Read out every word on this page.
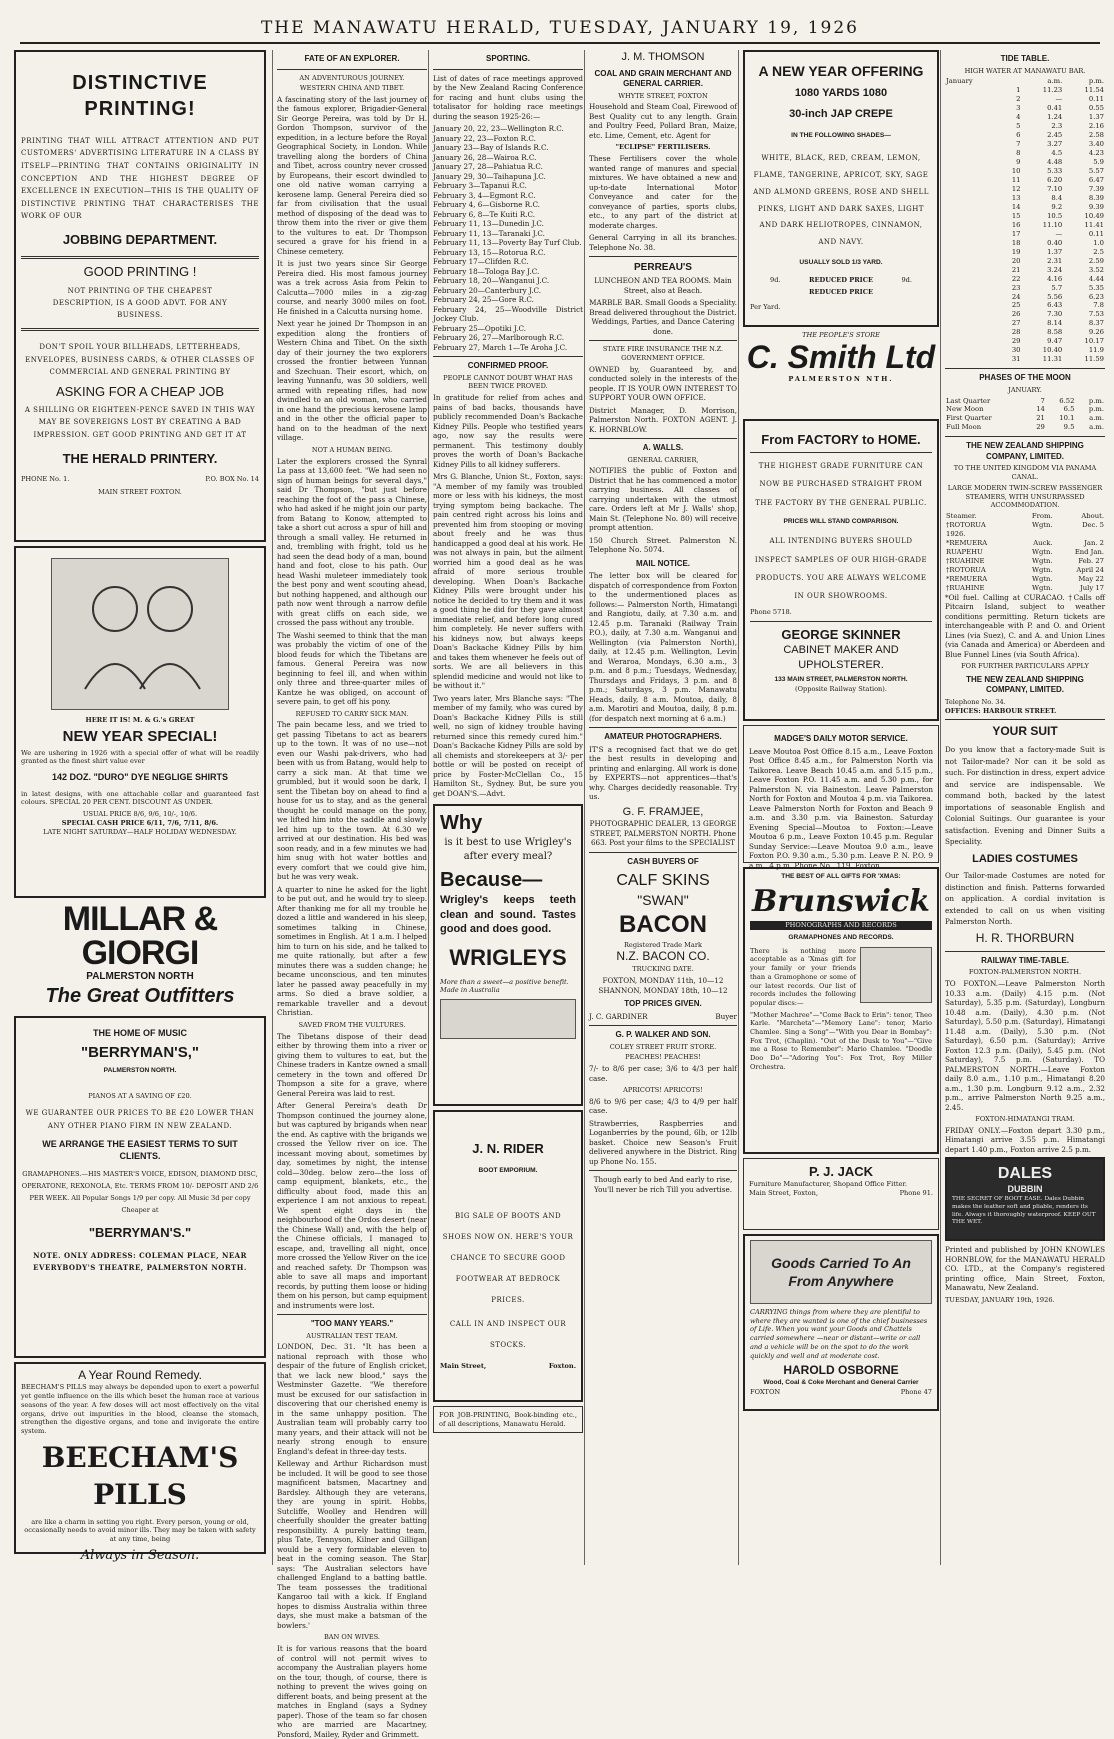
THE MANAWATU HERALD, TUESDAY, JANUARY 19, 1926
DISTINCTIVE PRINTING!

PRINTING THAT WILL ATTRACT ATTENTION AND PUT CUSTOMERS' ADVERTISING LITERATURE IN A CLASS BY ITSELF—PRINTING THAT CONTAINS ORIGINALITY IN CONCEPTION AND THE HIGHEST DEGREE OF EXCELLENCE IN EXECUTION—THIS IS THE QUALITY OF DISTINCTIVE PRINTING THAT CHARACTERISES THE WORK OF OUR

JOBBING DEPARTMENT.
GOOD PRINTING !

NOT PRINTING OF THE CHEAPEST DESCRIPTION, IS A GOOD ADVT. FOR ANY BUSINESS.

DON'T SPOIL YOUR BILLHEADS, LETTERHEADS, ENVELOPES, BUSINESS CARDS, & OTHER CLASSES OF COMMERCIAL AND GENERAL PRINTING BY

ASKING FOR A CHEAP JOB

A SHILLING OR EIGHTEEN-PENCE SAVED IN THIS WAY MAY BE SOVEREIGNS LOST BY CREATING A BAD IMPRESSION. GET GOOD PRINTING AND GET IT AT

THE HERALD PRINTERY.
PHONE No. 1.	P.O. BOX No. 14
MAIN STREET FOXTON.
HERE IT IS! M. & G.'s GREAT
NEW YEAR SPECIAL!

We are ushering in 1926 with a special offer of what will be readily granted as the finest shirt value ever

142 DOZ. "DURO" DYE NEGLIGE SHIRTS

in latest designs, with one attachable collar and guaranteed fast colours. SPECIAL 20 PER CENT. DISCOUNT AS UNDER.

USUAL PRICE 8/6, 9/6, 10/-, 10/6.
SPECIAL CASH PRICE 6/11, 7/6, 7/11, 8/6.
LATE NIGHT SATURDAY—HALF HOLIDAY WEDNESDAY.
MILLAR & GIORGI
PALMERSTON NORTH
The Great Outfitters
THE HOME OF MUSIC
"BERRYMAN'S,"
PALMERSTON NORTH.
PIANOS AT A SAVING OF £20.

WE GUARANTEE OUR PRICES TO BE £20 LOWER THAN ANY OTHER PIANO FIRM IN NEW ZEALAND.

WE ARRANGE THE EASIEST TERMS TO SUIT CLIENTS.

GRAMAPHONES.—HIS MASTER'S VOICE, EDISON, DIAMOND DISC, OPERATONE, REXONOLA, Etc. TERMS FROM 10/- DEPOSIT AND 2/6 PER WEEK. All Popular Songs 1/9 per copy. All Music 3d per copy Cheaper at

"BERRYMAN'S."

NOTE. ONLY ADDRESS: COLEMAN PLACE, NEAR EVERYBODY'S THEATRE, PALMERSTON NORTH.

A Year Round Remedy.

BEECHAM'S PILLS may always be depended upon to exert a powerful yet gentle influence on the ills which beset the human race at various seasons of the year. A few doses will act most effectively on the vital organs, drive out impurities in the blood, cleanse the stomach, strengthen the digestive organs, and tone and invigorate the entire system.

BEECHAM'S PILLS

are like a charm in setting you right. Every person, young or old, occasionally needs to avoid minor ills. They may be taken with safety at any time, being

Always in Season.
FATE OF AN EXPLORER.
AN ADVENTUROUS JOURNEY.
WESTERN CHINA AND TIBET.

A fascinating story of the last journey of the famous explorer, Brigadier-General Sir George Pereira, was told by Dr H. Gordon Thompson, survivor of the expedition, in a lecture before the Royal Geographical Society, in London. While travelling along the borders of China and Tibet, across country never crossed by Europeans, their escort dwindled to one old native woman carrying a kerosene lamp. General Pereira died so far from civilisation that the usual method of disposing of the dead was to throw them into the river or give them to the vultures to eat. Dr Thompson secured a grave for his friend in a Chinese cemetery.

It is just two years since Sir George Pereira died. His most famous journey was a trek across Asia from Pekin to Calcutta—7000 miles in a zig-zag course, and nearly 3000 miles on foot. He finished in a Calcutta nursing home.

Next year he joined Dr Thompson in an expedition along the frontiers of Western China and Tibet. On the sixth day of their journey the two explorers crossed the frontier between Yunnan and Szechuan. Their escort, which, on leaving Yunnanfu, was 30 soldiers, well armed with repeating rifles, had now dwindled to an old woman, who carried in one hand the precious kerosene lamp and in the other the official paper to hand on to the headman of the next village.

NOT A HUMAN BEING.

Later the explorers crossed the Synral La pass at 13,600 feet. "We had seen no sign of human beings for several days," said Dr Thompson, "but just before reaching the foot of the pass a Chinese, who had asked if he might join our party from Batang to Konow, attempted to take a short cut across a spur of hill and through a small valley. He returned in and, trembling with fright, told us he had seen the dead body of a man, bound hand and foot, close to his path. Our head Washi muleteer immediately took the best pony and went scouting ahead, but nothing happened, and although our path now went through a narrow defile with great cliffs on each side, we crossed the pass without any trouble.

The Washi seemed to think that the man was probably the victim of one of the blood feuds for which the Tibetans are famous. General Pereira was now beginning to feel ill, and when within only three and three-quarter miles of Kantze he was obliged, on account of severe pain, to get off his pony.

REFUSED TO CARRY SICK MAN.

The pain became less, and we tried to get passing Tibetans to act as bearers up to the town. It was of no use—not even our Washi pak-drivers, who had been with us from Batang, would help to carry a sick man. At that time we grumbled, but it would soon be dark, I sent the Tibetan boy on ahead to find a house for us to stay, and as the general thought he could manage on the pony, we lifted him into the saddle and slowly led him up to the town. At 6.30 we arrived at our destination. His bed was soon ready, and in a few minutes we had him snug with hot water bottles and every comfort that we could give him, but he was very weak.

A quarter to nine he asked for the light to be put out, and he would try to sleep. After thanking me for all my trouble he dozed a little and wandered in his sleep, sometimes talking in Chinese, sometimes in English. At 1 a.m. I helped him to turn on his side, and he talked to me quite rationally, but after a few minutes there was a sudden change; he became unconscious, and ten minutes later he passed away peacefully in my arms. So died a brave soldier, a remarkable traveller and a devout Christian.

SAVED FROM THE VULTURES.

The Tibetans dispose of their dead either by throwing them into a river or giving them to vultures to eat, but the Chinese traders in Kantze owned a small cemetery in the town and offered Dr Thompson a site for a grave, where General Pereira was laid to rest.

After General Pereira's death Dr Thompson continued the journey alone, but was captured by brigands when near the end. As captive with the brigands we crossed the Yellow river on ice. The incessant moving about, sometimes by day, sometimes by night, the intense cold—30deg. below zero—the loss of camp equipment, blankets, etc., the difficulty about food, made this an experience I am not anxious to repeat. We spent eight days in the neighbourhood of the Ordos desert (near the Chinese Wall) and, with the help of the Chinese officials, I managed to escape, and, travelling all night, once more crossed the Yellow River on the ice and reached safety. Dr Thompson was able to save all maps and important records, by putting them loose or hiding them on his person, but camp equipment and instruments were lost.

"TOO MANY YEARS."
AUSTRALIAN TEST TEAM.

LONDON, Dec. 31. "It has been a national reproach with those who despair of the future of English cricket, that we lack new blood," says the Westminster Gazette. "We therefore must be excused for our satisfaction in discovering that our cherished enemy is in the same unhappy position. The Australian team will probably carry too many years, and their attack will not be nearly strong enough to ensure England's defeat in three-day tests.

Kelleway and Arthur Richardson must be included. It will be good to see those magnificent batsmen, Macartney and Bardsley. Although they are veterans, they are young in spirit. Hobbs, Sutcliffe, Woolley and Hendren will cheerfully shoulder the greater batting responsibility. A purely batting team, plus Tate, Tennyson, Kilner and Gilligan would be a very formidable eleven to beat in the coming season. The Star says: 'The Australian selectors have challenged England to a batting battle. The team possesses the traditional Kangaroo tail with a kick. If England hopes to dismiss Australia within three days, she must make a batsman of the bowlers.'

BAN ON WIVES.

It is for various reasons that the board of control will not permit wives to accompany the Australian players home on the tour, though, of course, there is nothing to prevent the wives going on different boats, and being present at the matches in England (says a Sydney paper). Those of the team so far chosen who are married are Macartney, Ponsford, Mailey, Ryder and Grimmett.

SPORTING.

List of dates of race meetings approved by the New Zealand Racing Conference for racing and hunt clubs using the totalisator for holding race meetings during the season 1925-26:—

January 20, 22, 23—Wellington R.C.
January 22, 23—Foxton R.C.
January 23—Bay of Islands R.C.
January 26, 28—Wairoa R.C.
January 27, 28—Pahiatua R.C.
January 29, 30—Taihapuna J.C.
February 3—Tapanui R.C.
February 3, 4—Egmont R.C.
February 4, 6—Gisborne R.C.
February 6, 8—Te Kuiti R.C.
February 11, 13—Dunedin J.C.
February 11, 13—Taranaki J.C.
February 11, 13—Poverty Bay Turf Club.
February 13, 15—Rotorua R.C.
February 17—Clifden R.C.
February 18—Tologa Bay J.C.
February 18, 20—Wanganui J.C.
February 20—Canterbury J.C.
February 24, 25—Gore R.C.
February 24, 25—Woodville District Jockey Club.
February 25—Opotiki J.C.
February 26, 27—Marlborough R.C.
February 27, March 1—Te Aroha J.C.
CONFIRMED PROOF.
PEOPLE CANNOT DOUBT WHAT HAS BEEN TWICE PROVED.

In gratitude for relief from aches and pains of bad backs, thousands have publicly recommended Doan's Backache Kidney Pills. People who testified years ago, now say the results were permanent. This testimony doubly proves the worth of Doan's Backache Kidney Pills to all kidney sufferers.

Mrs G. Blanche, Union St., Foxton, says: "A member of my family was troubled more or less with his kidneys, the most trying symptom being backache. The pain centred right across his loins and prevented him from stooping or moving about freely and he was thus handicapped a good deal at his work. He was not always in pain, but the ailment worried him a good deal as he was afraid of more serious trouble developing. When Doan's Backache Kidney Pills were brought under his notice he decided to try them and it was a good thing he did for they gave almost immediate relief, and before long cured him completely. He never suffers with his kidneys now, but always keeps Doan's Backache Kidney Pills by him and takes them whenever he feels out of sorts. We are all believers in this splendid medicine and would not like to be without it."

Two years later, Mrs Blanche says: "The member of my family, who was cured by Doan's Backache Kidney Pills is still well, no sign of kidney trouble having returned since this remedy cured him." Doan's Backache Kidney Pills are sold by all chemists and storekeepers at 3/- per bottle or will be posted on receipt of price by Foster-McClellan Co., 15 Hamilton St., Sydney. But, be sure you get DOAN'S.—Advt.

Why
is it best to use Wrigley's after every meal?
Because—
Wrigley's keeps teeth clean and sound. Tastes good and does good.
WRIGLEYS
More than a sweet—a positive benefit.
Made in Australia
J. N. RIDER
BOOT EMPORIUM.

BIG SALE OF BOOTS AND SHOES NOW ON. HERE'S YOUR CHANCE TO SECURE GOOD FOOTWEAR AT BEDROCK PRICES.

CALL IN AND INSPECT OUR STOCKS.

Main Street,	Foxton.
FOR JOB-PRINTING, Book-binding etc., of all descriptions, Manawatu Herald.
J. M. THOMSON
COAL AND GRAIN MERCHANT AND GENERAL CARRIER.
WHYTE STREET, FOXTON

Household and Steam Coal, Firewood of Best Quality cut to any length. Grain and Poultry Feed, Pollard Bran, Maize, etc. Lime, Cement, etc. Agent for

"ECLIPSE" FERTILISERS.

These Fertilisers cover the whole wanted range of manures and special mixtures. We have obtained a new and up-to-date International Motor Conveyance and cater for the conveyance of parties, sports clubs, etc., to any part of the district at moderate charges.

General Carrying in all its branches. Telephone No. 38.

PERREAU'S

LUNCHEON AND TEA ROOMS. Main Street, also at Beach.

MARBLE BAR. Small Goods a Speciality. Bread delivered throughout the District. Weddings, Parties, and Dance Catering done.

STATE FIRE INSURANCE THE N.Z. GOVERNMENT OFFICE.

OWNED by, Guaranteed by, and conducted solely in the interests of the people. IT IS YOUR OWN INTEREST TO SUPPORT YOUR OWN OFFICE.

District Manager, D. Morrison, Palmerston North. FOXTON AGENT. J. K. HORNBLOW.

A. WALLS.
GENERAL CARRIER,

NOTIFIES the public of Foxton and District that he has commenced a motor carrying business. All classes of carrying undertaken with the utmost care. Orders left at Mr J. Walls' shop, Main St. (Telephone No. 80) will receive prompt attention.

150 Church Street. Palmerston N. Telephone No. 5074.

MAIL NOTICE.

The letter box will be cleared for dispatch of correspondence from Foxton to the undermentioned places as follows:— Palmerston North, Himatangi and Rangiotu, daily, at 7.30 a.m. and 12.45 p.m. Taranaki (Railway Train P.O.), daily, at 7.30 a.m. Wanganui and Wellington (via Palmerston North), daily, at 12.45 p.m. Wellington, Levin and Weraroa, Mondays, 6.30 a.m., 3 p.m. and 8 p.m.; Tuesdays, Wednesday, Thursdays and Fridays, 3 p.m. and 8 p.m.; Saturdays, 3 p.m. Manawatu Heads, daily, 8 a.m. Moutoa, daily, 8 a.m. Marotiri and Moutoa, daily, 8 p.m. (for despatch next morning at 6 a.m.)

AMATEUR PHOTOGRAPHERS.

IT'S a recognised fact that we do get the best results in developing and printing and enlarging. All work is done by EXPERTS—not apprentices—that's why. Charges decidedly reasonable. Try us.

G. F. FRAMJEE,

PHOTOGRAPHIC DEALER, 13 GEORGE STREET, PALMERSTON NORTH. Phone 663. Post your films to the SPECIALIST

CASH BUYERS OF
CALF SKINS
"SWAN"
BACON
Registered Trade Mark
N.Z. BACON CO.
TRUCKING DATE.

FOXTON, MONDAY 11th, 10—12 SHANNON, MONDAY 18th, 10—12

TOP PRICES GIVEN.
J. C. GARDINER	Buyer
G. P. WALKER AND SON.
COLEY STREET FRUIT STORE.
PEACHES! PEACHES!

7/- to 8/6 per case; 3/6 to 4/3 per half case.

APRICOTS! APRICOTS!

8/6 to 9/6 per case; 4/3 to 4/9 per half case.

Strawberries, Raspberries and Loganberries by the pound, 6lb, or 12lb basket. Choice new Season's Fruit delivered anywhere in the District. Ring up Phone No. 155.

Though early to bed And early to rise, You'll never be rich Till you advertise.

A NEW YEAR OFFERING
1080 YARDS 1080
30-inch JAP CREPE
IN THE FOLLOWING SHADES—

WHITE, BLACK, RED, CREAM, LEMON, FLAME, TANGERINE, APRICOT, SKY, SAGE AND ALMOND GREENS, ROSE AND SHELL PINKS, LIGHT AND DARK SAXES, LIGHT AND DARK HELIOTROPES, CINNAMON, AND NAVY.

USUALLY SOLD 1/3 YARD.
9d.	REDUCED PRICE	9d.
REDUCED PRICE
Per Yard.
THE PEOPLE'S STORE
C. Smith Ltd
PALMERSTON NTH.
From FACTORY to HOME.

THE HIGHEST GRADE FURNITURE CAN NOW BE PURCHASED STRAIGHT FROM THE FACTORY BY THE GENERAL PUBLIC.

PRICES WILL STAND COMPARISON.

ALL INTENDING BUYERS SHOULD INSPECT SAMPLES OF OUR HIGH-GRADE PRODUCTS. YOU ARE ALWAYS WELCOME IN OUR SHOWROOMS.

Phone 5718.
GEORGE SKINNER
CABINET MAKER AND UPHOLSTERER.
133 MAIN STREET, PALMERSTON NORTH.
(Opposite Railway Station).
MADGE'S DAILY MOTOR SERVICE.

Leave Moutoa Post Office 8.15 a.m., Leave Foxton Post Office 8.45 a.m., for Palmerston North via Taikorea. Leave Beach 10.45 a.m. and 5.15 p.m., Leave Foxton P.O. 11.45 a.m. and 5.30 p.m., for Palmerston N. via Baineston. Leave Palmerston North for Foxton and Moutoa 4 p.m. via Taikorea. Leave Palmerston North for Foxton and Beach 9 a.m. and 3.30 p.m. via Baineston. Saturday Evening Special—Moutoa to Foxton:—Leave Moutoa 6 p.m., Leave Foxton 10.45 p.m. Regular Sunday Service:—Leave Moutoa 9.0 a.m., leave Foxton P.O. 9.30 a.m., 5.30 p.m. Leave P. N. P.O. 9 a.m., 4 p.m. Phone No., 119, Foxton.

THE BEST OF ALL GIFTS FOR 'XMAS:
Brunswick
PHONOGRAPHS AND RECORDS
GRAMAPHONES AND RECORDS.

There is nothing more acceptable as a 'Xmas gift for your family or your friends than a Gramophone or some of our latest records. Our list of records includes the following popular discs:—

"Mother Machree"—"Come Back to Erin": tenor, Theo Karle. "Marcheta"—"Memory Lane": tenor, Mario Chamlee. Sing a Song"—"With you Dear in Bombay": Fox Trot, (Chaplin). "Out of the Dusk to You"—"Give me a Rose to Remember": Mario Chamlee. "Doodle Doo Do"—"Adoring You": Fox Trot, Roy Miller Orchestra.

P. J. JACK
Furniture Manufacturer, Shopand Office Fitter.
Main Street, Foxton,	Phone 91.
Goods Carried To An
From Anywhere

CARRYING things from where they are plentiful to where they are wanted is one of the chief businesses of Life. When you want your Goods and Chattels carried somewhere —near or distant—write or call and a vehicle will be on the spot to do the work quickly and well and at moderate cost.

HAROLD OSBORNE
Wood, Coal & Coke Merchant and General Carrier
FOXTON	Phone 47
TIDE TABLE.
HIGH WATER AT MANAWATU BAR.
January		a.m.	p.m.
	1	11.23	11.54
	2	—	0.11
	3	0.41	0.55
	4	1.24	1.37
	5	2.3	2.16
	6	2.45	2.58
	7	3.27	3.40
	8	4.5	4.23
	9	4.48	5.9
	10	5.33	5.57
	11	6.20	6.47
	12	7.10	7.39
	13	8.4	8.39
	14	9.2	9.39
	15	10.5	10.49
	16	11.10	11.41
	17	—	0.11
	18	0.40	1.0
	19	1.37	2.5
	20	2.31	2.59
	21	3.24	3.52
	22	4.16	4.44
	23	5.7	5.35
	24	5.56	6.23
	25	6.43	7.8
	26	7.30	7.53
	27	8.14	8.37
	28	8.58	9.26
	29	9.47	10.17
	30	10.40	11.9
	31	11.31	11.59
PHASES OF THE MOON
JANUARY.
Last Quarter	7	6.52	p.m.
New Moon	14	6.5	p.m.
First Quarter	21	10.1	a.m.
Full Moon	29	9.5	a.m.
THE NEW ZEALAND SHIPPING COMPANY, LIMITED.
TO THE UNITED KINGDOM VIA PANAMA CANAL.
LARGE MODERN TWIN-SCREW PASSENGER STEAMERS, WITH UNSURPASSED ACCOMMODATION.
Steamer.	From.	About.
†ROTORUA	Wgtn.	Dec. 5
1926.		
*REMUERA	Auck.	Jan. 2
RUAPEHU	Wgtn.	End Jan.
†RUAHINE	Wgtn.	Feb. 27
†ROTORUA	Wgtn.	April 24
*REMUERA	Wgtn.	May 22
†RUAHINE	Wgtn.	July 17

*Oil fuel. Calling at CURACAO. †Calls off Pitcairn Island, subject to weather conditions permitting. Return tickets are interchangeable with P. and O. and Orient Lines (via Suez), C. and A. and Union Lines (via Canada and America) or Aberdeen and Blue Funnel Lines (via South Africa).

FOR FURTHER PARTICULARS APPLY
THE NEW ZEALAND SHIPPING COMPANY, LIMITED.
Telephone No. 34.
OFFICES: HARBOUR STREET.
YOUR SUIT

Do you know that a factory-made Suit is not Tailor-made? Nor can it be sold as such. For distinction in dress, expert advice and service are indispensable. We command both, backed by the latest importations of seasonable English and Colonial Suitings. Our guarantee is your satisfaction. Evening and Dinner Suits a Speciality.

LADIES COSTUMES

Our Tailor-made Costumes are noted for distinction and finish. Patterns forwarded on application. A cordial invitation is extended to call on us when visiting Palmerston North.

H. R. THORBURN
RAILWAY TIME-TABLE.
FOXTON-PALMERSTON NORTH.

TO FOXTON.—Leave Palmerston North 10.33 a.m. (Daily) 4.15 p.m. (Not Saturday), 5.35 p.m. (Saturday), Longburn 10.48 a.m. (Daily), 4.30 p.m. (Not Saturday), 5.50 p.m. (Saturday), Himatangi 11.48 a.m. (Daily), 5.30 p.m. (Not Saturday), 6.50 p.m. (Saturday); Arrive Foxton 12.3 p.m. (Daily), 5.45 p.m. (Not Saturday), 7.5 p.m. (Saturday). TO PALMERSTON NORTH.—Leave Foxton daily 8.0 a.m., 1.10 p.m., Himatangi 8.20 a.m., 1.30 p.m. Longburn 9.12 a.m., 2.32 p.m., arrive Palmerston North 9.25 a.m., 2.45.

FOXTON-HIMATANGI TRAM.

FRIDAY ONLY.—Foxton depart 3.30 p.m., Himatangi arrive 3.55 p.m. Himatangi depart 1.40 p.m., Foxton arrive 2.5 p.m.

DALES
DUBBIN

THE SECRET OF BOOT EASE. Dales Dubbin makes the leather soft and pliable, renders its life. Always it thoroughly waterproof. KEEP OUT THE WET.

Printed and published by JOHN KNOWLES HORNBLOW, for the MANAWATU HERALD CO. LTD., at the Company's registered printing office, Main Street, Foxton, Manawatu, New Zealand.

TUESDAY, JANUARY 19th, 1926.
